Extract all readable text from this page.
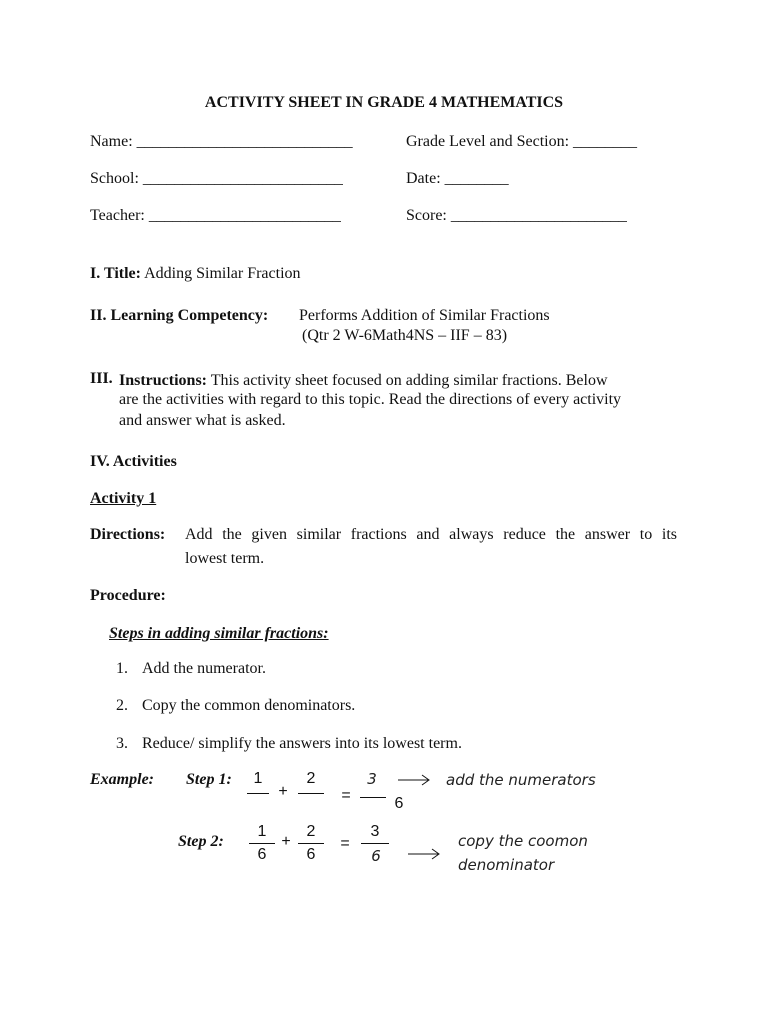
ACTIVITY SHEET IN GRADE 4 MATHEMATICS
Name: ___________________________	Grade Level and Section: ________
School: _________________________	Date: ________
Teacher: ________________________	Score: ______________________
I. Title: Adding Similar Fraction
II. Learning Competency: Performs Addition of Similar Fractions
(Qtr 2 W-6Math4NS – IIF – 83)
III. Instructions: This activity sheet focused on adding similar fractions. Below
are the activities with regard to this topic. Read the directions of every activity
and answer what is asked.
IV. Activities
Activity 1
Directions: Add the given similar fractions and always reduce the answer to its
lowest term.
Procedure:
Steps in adding similar fractions:
1. Add the numerator.
2. Copy the common denominators.
3. Reduce/ simplify the answers into its lowest term.
Example: Step 1:	1
+
2
=
3
6
add the numerators
Step 2:
1
6
+
2
6
=
3
6
copy the coomon
denominator
